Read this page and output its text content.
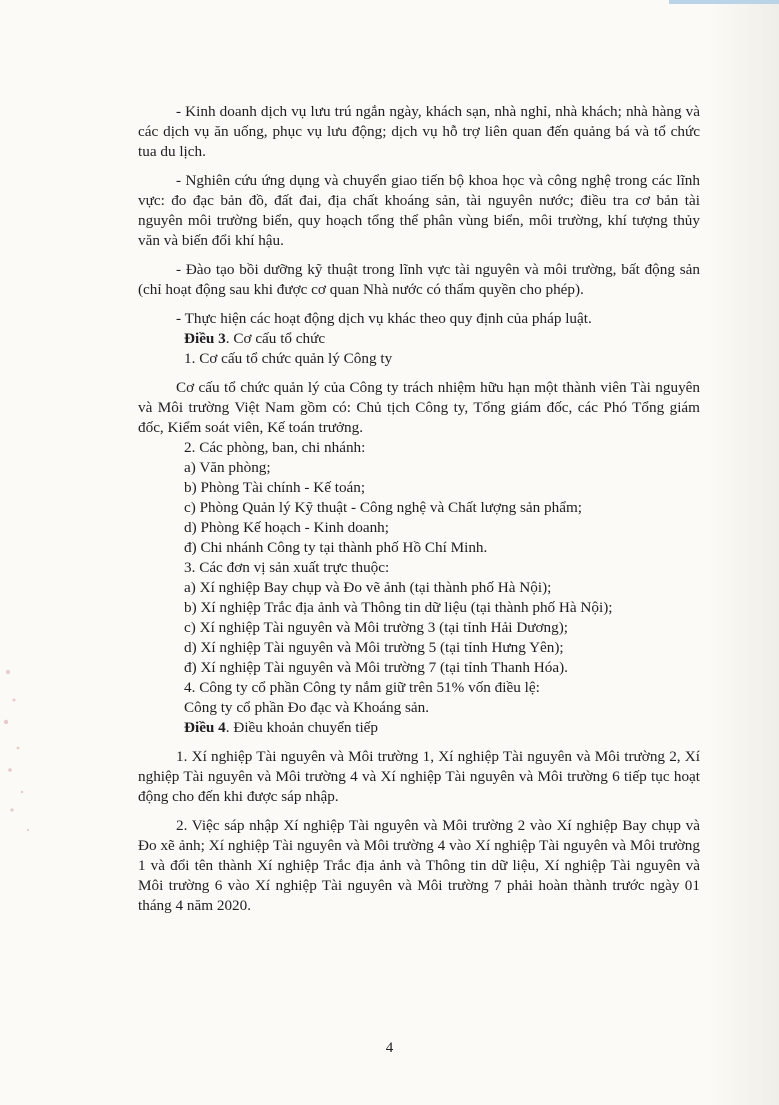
- Kinh doanh dịch vụ lưu trú ngắn ngày, khách sạn, nhà nghỉ, nhà khách; nhà hàng và các dịch vụ ăn uống, phục vụ lưu động; dịch vụ hỗ trợ liên quan đến quảng bá và tổ chức tua du lịch.

- Nghiên cứu ứng dụng và chuyển giao tiến bộ khoa học và công nghệ trong các lĩnh vực: đo đạc bản đồ, đất đai, địa chất khoáng sản, tài nguyên nước; điều tra cơ bản tài nguyên môi trường biển, quy hoạch tổng thể phân vùng biển, môi trường, khí tượng thủy văn và biến đổi khí hậu.

- Đào tạo bồi dưỡng kỹ thuật trong lĩnh vực tài nguyên và môi trường, bất động sản (chỉ hoạt động sau khi được cơ quan Nhà nước có thẩm quyền cho phép).

- Thực hiện các hoạt động dịch vụ khác theo quy định của pháp luật.

Điều 3. Cơ cấu tổ chức

1. Cơ cấu tổ chức quản lý Công ty

Cơ cấu tổ chức quản lý của Công ty trách nhiệm hữu hạn một thành viên Tài nguyên và Môi trường Việt Nam gồm có: Chủ tịch Công ty, Tổng giám đốc, các Phó Tổng giám đốc, Kiểm soát viên, Kế toán trưởng.

2. Các phòng, ban, chi nhánh:

a) Văn phòng;

b) Phòng Tài chính - Kế toán;

c) Phòng Quản lý Kỹ thuật - Công nghệ và Chất lượng sản phẩm;

d) Phòng Kế hoạch - Kinh doanh;

đ) Chi nhánh Công ty tại thành phố Hồ Chí Minh.

3. Các đơn vị sản xuất trực thuộc:

a) Xí nghiệp Bay chụp và Đo vẽ ảnh (tại thành phố Hà Nội);

b) Xí nghiệp Trắc địa ảnh và Thông tin dữ liệu (tại thành phố Hà Nội);

c) Xí nghiệp Tài nguyên và Môi trường 3 (tại tỉnh Hải Dương);

d) Xí nghiệp Tài nguyên và Môi trường 5 (tại tỉnh Hưng Yên);

đ) Xí nghiệp Tài nguyên và Môi trường 7 (tại tỉnh Thanh Hóa).

4. Công ty cổ phần Công ty nắm giữ trên 51% vốn điều lệ:

Công ty cổ phần Đo đạc và Khoáng sản.

Điều 4. Điều khoản chuyển tiếp

1. Xí nghiệp Tài nguyên và Môi trường 1, Xí nghiệp Tài nguyên và Môi trường 2, Xí nghiệp Tài nguyên và Môi trường 4 và Xí nghiệp Tài nguyên và Môi trường 6 tiếp tục hoạt động cho đến khi được sáp nhập.

2. Việc sáp nhập Xí nghiệp Tài nguyên và Môi trường 2 vào Xí nghiệp Bay chụp và Đo xẽ ảnh; Xí nghiệp Tài nguyên và Môi trường 4 vào Xí nghiệp Tài nguyên và Môi trường 1 và đổi tên thành Xí nghiệp Trắc địa ảnh và Thông tin dữ liệu, Xí nghiệp Tài nguyên và Môi trường 6 vào Xí nghiệp Tài nguyên và Môi trường 7 phải hoàn thành trước ngày 01 tháng 4 năm 2020.

4
